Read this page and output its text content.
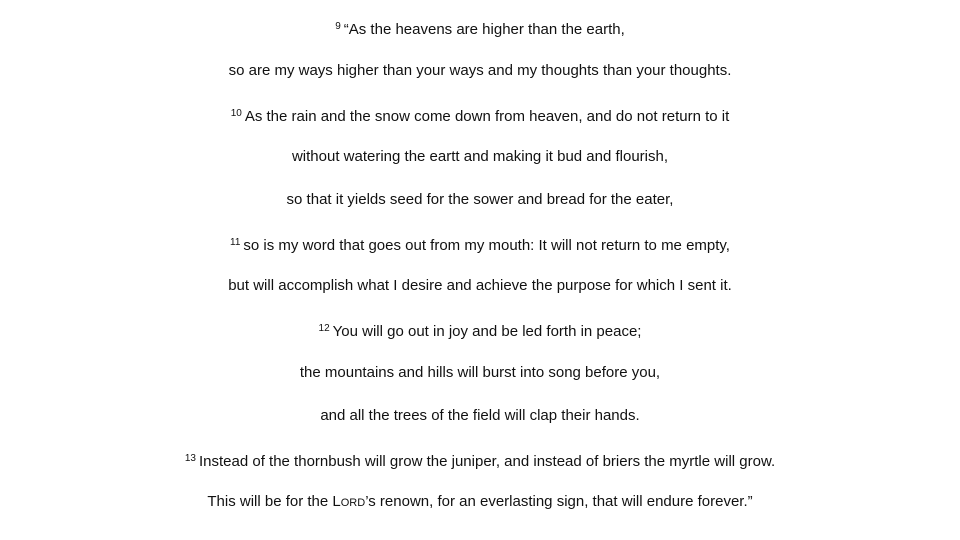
$^9$ “As the heavens are higher than the earth,
so are my ways higher than your ways and my thoughts than your thoughts.
$^{10}$ As the rain and the snow come down from heaven, and do not return to it
without watering the eartt and making it bud and flourish,
so that it yields seed for the sower and bread for the eater,
$^{11}$ so is my word that goes out from my mouth: It will not return to me empty,
but will accomplish what I desire and achieve the purpose for which I sent it.
$^{12}$ You will go out in joy and be led forth in peace;
the mountains and hills will burst into song before you,
and all the trees of the field will clap their hands.
$^{13}$ Instead of the thornbush will grow the juniper, and instead of briers the myrtle will grow.
This will be for the Lord’s renown, for an everlasting sign, that will endure forever.”
